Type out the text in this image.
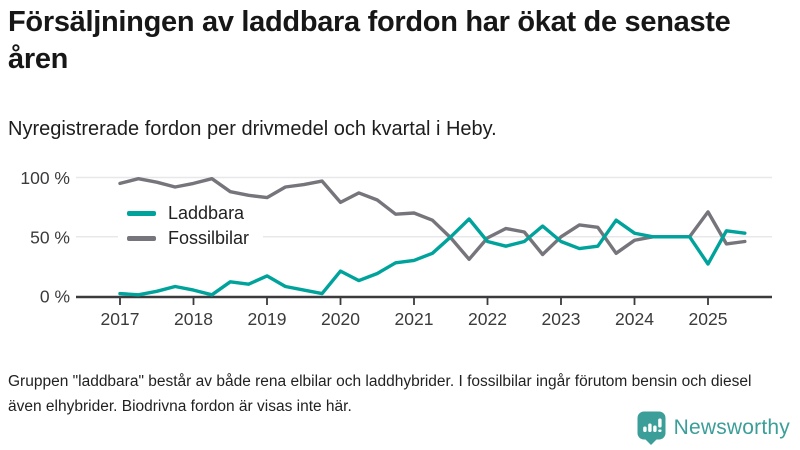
Försäljningen av laddbara fordon har ökat de senaste åren

Nyregistrerade fordon per drivmedel och kvartal i Heby.

100 %
50 %
0 %
2017 2018 2019 2020 2021 2022 2023 2024 2025
Laddbara
Fossilbilar

Gruppen "laddbara" består av både rena elbilar och laddhybrider. I fossilbilar ingår förutom bensin och diesel även elhybrider. Biodrivna fordon är visas inte här.

Newsworthy
